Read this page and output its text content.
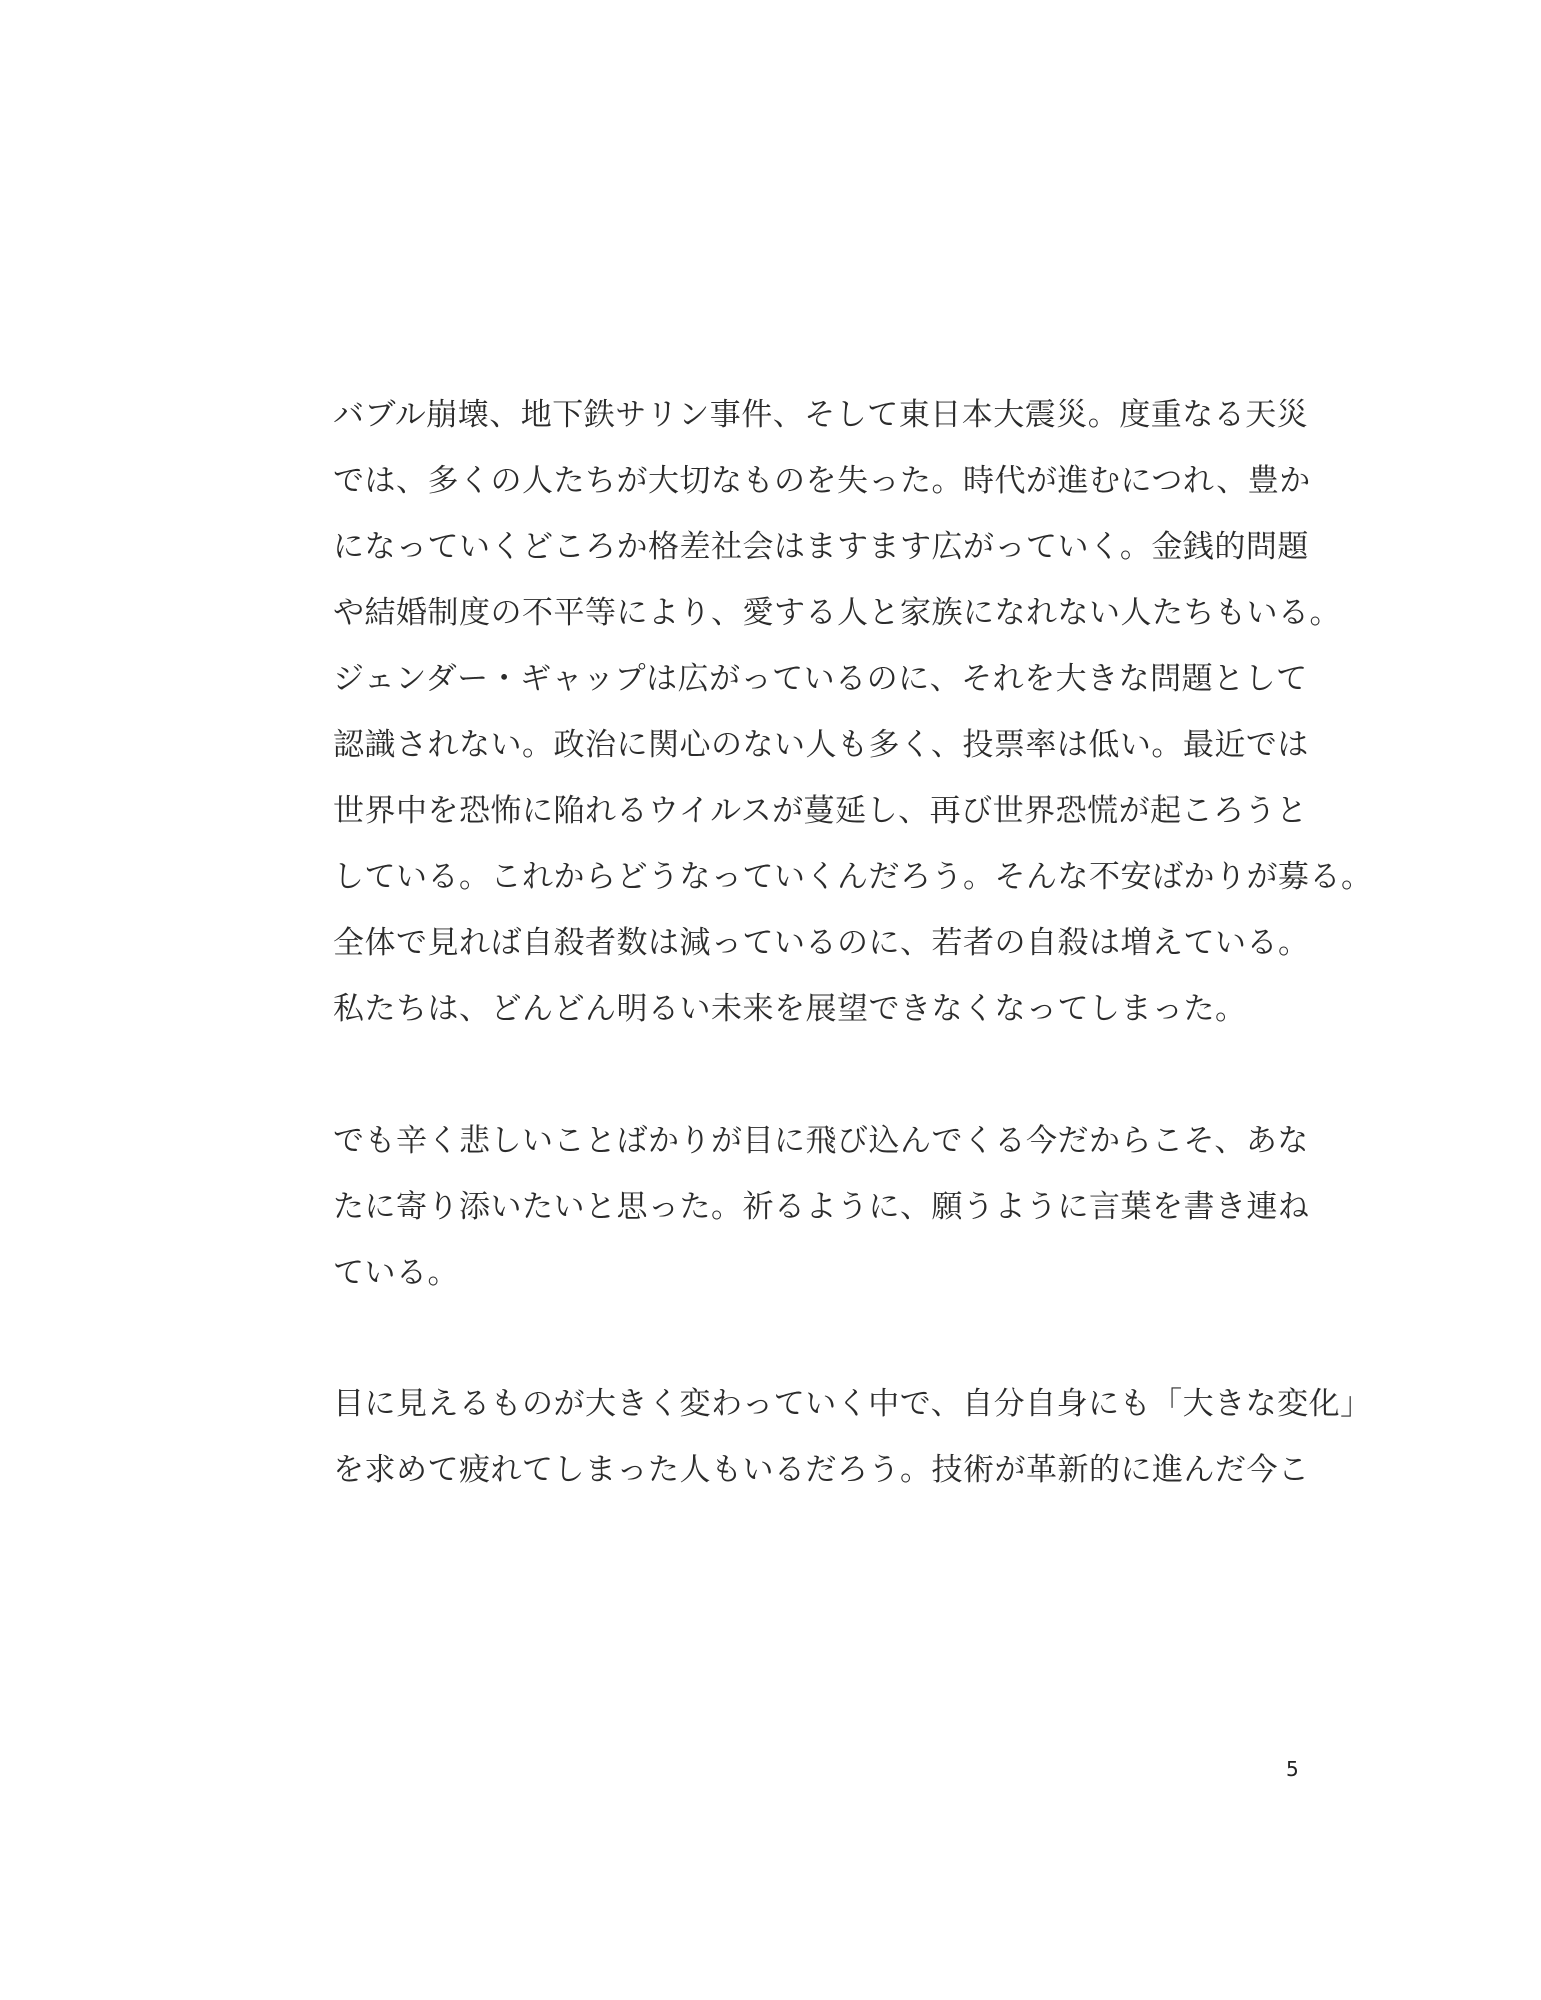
バブル崩壊、地下鉄サリン事件、そして東日本大震災。度重なる天災
では、多くの人たちが大切なものを失った。時代が進むにつれ、豊か
になっていくどころか格差社会はますます広がっていく。金銭的問題
や結婚制度の不平等により、愛する人と家族になれない人たちもいる。
ジェンダー・ギャップは広がっているのに、それを大きな問題として
認識されない。政治に関心のない人も多く、投票率は低い。最近では
世界中を恐怖に陥れるウイルスが蔓延し、再び世界恐慌が起ころうと
している。これからどうなっていくんだろう。そんな不安ばかりが募る。
全体で見れば自殺者数は減っているのに、若者の自殺は増えている。
私たちは、どんどん明るい未来を展望できなくなってしまった。
でも辛く悲しいことばかりが目に飛び込んでくる今だからこそ、あな
たに寄り添いたいと思った。祈るように、願うように言葉を書き連ね
ている。
目に見えるものが大きく変わっていく中で、自分自身にも「大きな変化」
を求めて疲れてしまった人もいるだろう。技術が革新的に進んだ今こ
5
